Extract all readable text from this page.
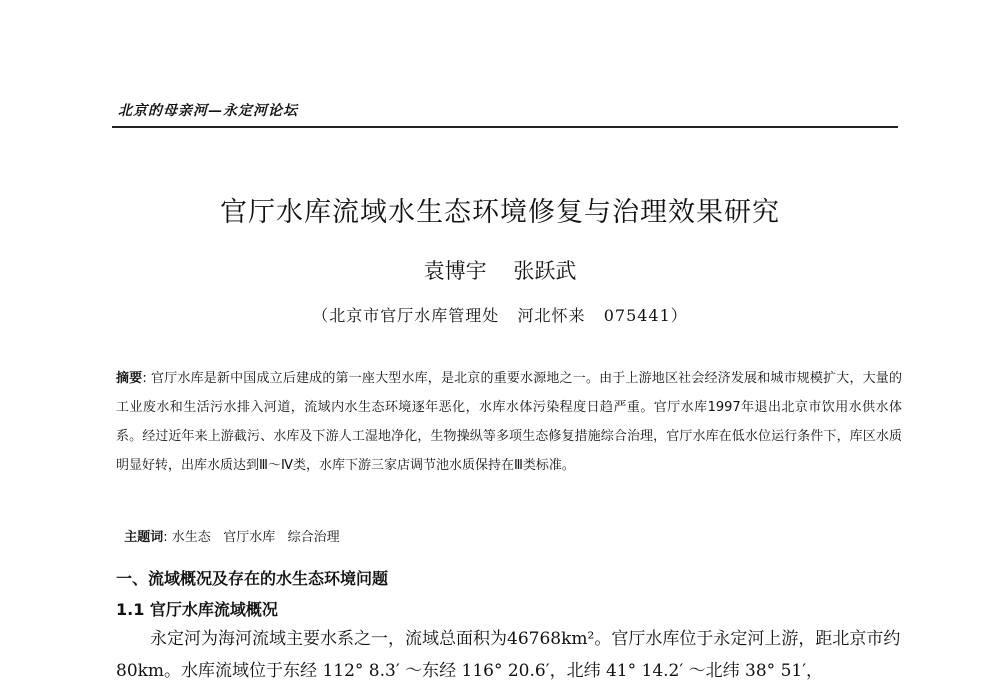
北京的母亲河—永定河论坛
官厅水库流域水生态环境修复与治理效果研究
袁博宇    张跃武
（北京市官厅水库管理处   河北怀来   075441）
摘要: 官厅水库是新中国成立后建成的第一座大型水库，是北京的重要水源地之一。由于上游地区社会经济发展和城市规模扩大，大量的工业废水和生活污水排入河道，流域内水生态环境逐年恶化，水库水体污染程度日趋严重。官厅水库1997年退出北京市饮用水供水体系。经过近年来上游截污、水库及下游人工湿地净化，生物操纵等多项生态修复措施综合治理，官厅水库在低水位运行条件下，库区水质明显好转，出库水质达到Ⅲ～Ⅳ类，水库下游三家店调节池水质保持在Ⅲ类标准。

主题词: 水生态   官厅水库   综合治理

一、流域概况及存在的水生态环境问题
1.1 官厅水库流域概况

永定河为海河流域主要水系之一，流域总面积为46768km²。官厅水库位于永定河上游，距北京市约80km。水库流域位于东经 112° 8.3′ ～东经 116° 20.6′，北纬 41° 14.2′ ～北纬 38° 51′，
